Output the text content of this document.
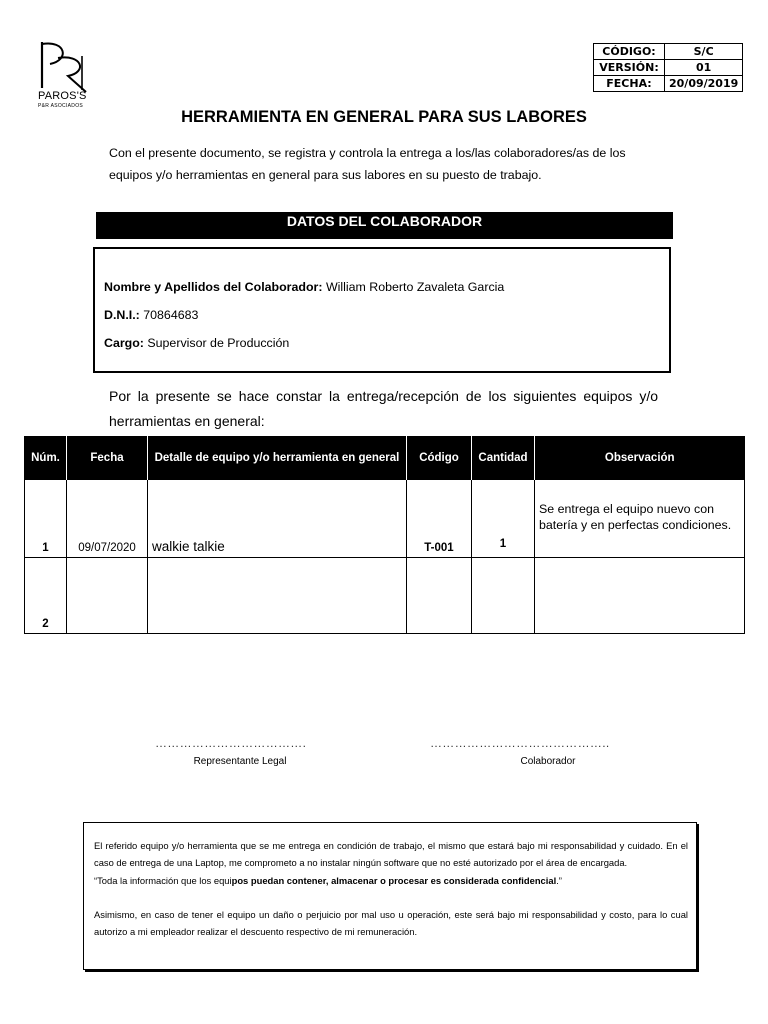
PAROS'S
P&R ASOCIADOS
CÓDIGO:	S/C
VERSIÓN:	01
FECHA:	20/09/2019
HERRAMIENTA EN GENERAL PARA SUS LABORES
Con el presente documento, se registra y controla la entrega a los/las colaboradores/as de los equipos y/o herramientas en general para sus labores en su puesto de trabajo.
DATOS DEL COLABORADOR
Nombre y Apellidos del Colaborador: William Roberto Zavaleta Garcia
D.N.I.: 70864683
Cargo: Supervisor de Producción
Por la presente se hace constar la entrega/recepción de los siguientes equipos y/o herramientas en general:
Núm.	Fecha	Detalle de equipo y/o herramienta en general	Código	Cantidad	Observación
1	09/07/2020	walkie talkie	T-001	1	Se entrega el equipo nuevo con batería y en perfectas condiciones.
2					
……………………………….
Representante Legal
……………………………………..
Colaborador

El referido equipo y/o herramienta que se me entrega en condición de trabajo, el mismo que estará bajo mi responsabilidad y cuidado. En el caso de entrega de una Laptop, me comprometo a no instalar ningún software que no esté autorizado por el área de encargada.

“Toda la información que los equipos puedan contener, almacenar o procesar es considerada confidencial.”

Asimismo, en caso de tener el equipo un daño o perjuicio por mal uso u operación, este será bajo mi responsabilidad y costo, para lo cual autorizo a mi empleador realizar el descuento respectivo de mi remuneración.
